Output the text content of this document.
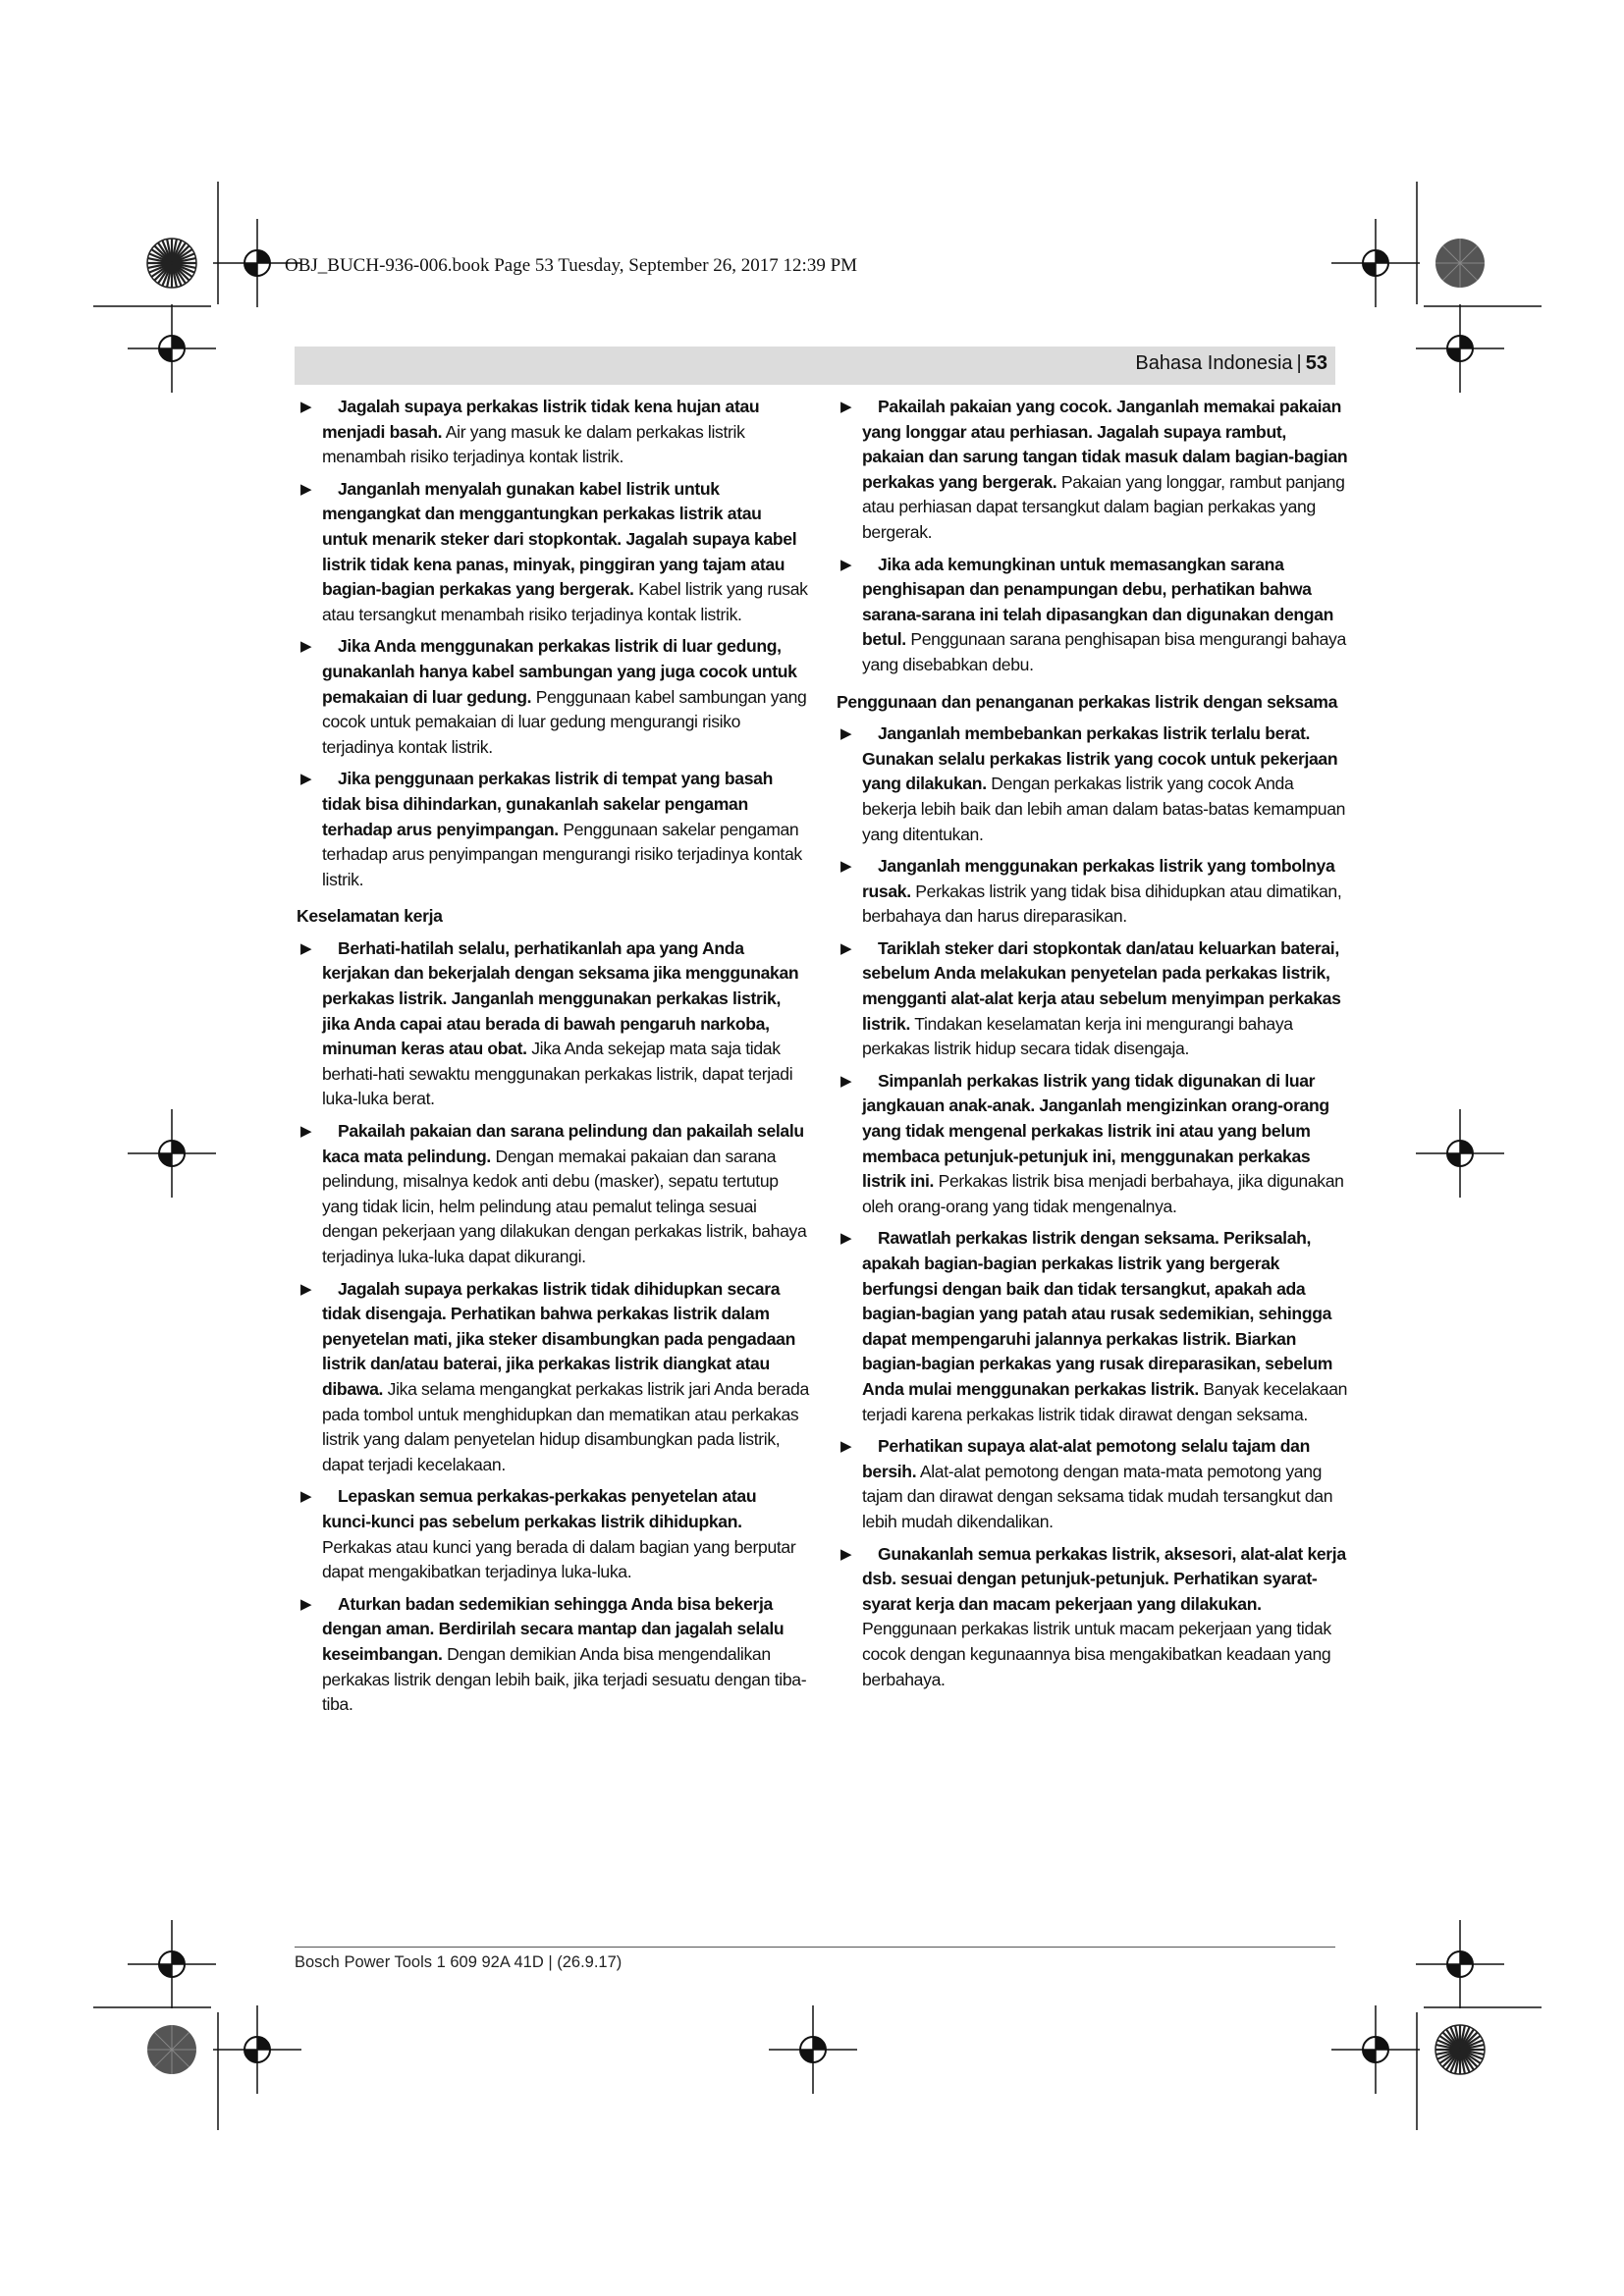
OBJ_BUCH-936-006.book Page 53 Tuesday, September 26, 2017 12:39 PM
Bahasa Indonesia | 53
▶ Jagalah supaya perkakas listrik tidak kena hujan atau menjadi basah. Air yang masuk ke dalam perkakas listrik menambah risiko terjadinya kontak listrik.
▶ Janganlah menyalah gunakan kabel listrik untuk mengangkat dan menggantungkan perkakas listrik atau untuk menarik steker dari stopkontak. Jagalah supaya kabel listrik tidak kena panas, minyak, pinggiran yang tajam atau bagian-bagian perkakas yang bergerak. Kabel listrik yang rusak atau tersangkut menambah risiko terjadinya kontak listrik.
▶ Jika Anda menggunakan perkakas listrik di luar gedung, gunakanlah hanya kabel sambungan yang juga cocok untuk pemakaian di luar gedung. Penggunaan kabel sambungan yang cocok untuk pemakaian di luar gedung mengurangi risiko terjadinya kontak listrik.
▶ Jika penggunaan perkakas listrik di tempat yang basah tidak bisa dihindarkan, gunakanlah sakelar pengaman terhadap arus penyimpangan. Penggunaan sakelar pengaman terhadap arus penyimpangan mengurangi risiko terjadinya kontak listrik.
Keselamatan kerja
▶ Berhati-hatilah selalu, perhatikanlah apa yang Anda kerjakan dan bekerjalah dengan seksama jika menggunakan perkakas listrik. Janganlah menggunakan perkakas listrik, jika Anda capai atau berada di bawah pengaruh narkoba, minuman keras atau obat. Jika Anda sekejap mata saja tidak berhati-hati sewaktu menggunakan perkakas listrik, dapat terjadi luka-luka berat.
▶ Pakailah pakaian dan sarana pelindung dan pakailah selalu kaca mata pelindung. Dengan memakai pakaian dan sarana pelindung, misalnya kedok anti debu (masker), sepatu tertutup yang tidak licin, helm pelindung atau pemalut telinga sesuai dengan pekerjaan yang dilakukan dengan perkakas listrik, bahaya terjadinya luka-luka dapat dikurangi.
▶ Jagalah supaya perkakas listrik tidak dihidupkan secara tidak disengaja. Perhatikan bahwa perkakas listrik dalam penyetelan mati, jika steker disambungkan pada pengadaan listrik dan/atau baterai, jika perkakas listrik diangkat atau dibawa. Jika selama mengangkat perkakas listrik jari Anda berada pada tombol untuk menghidupkan dan mematikan atau perkakas listrik yang dalam penyetelan hidup disambungkan pada listrik, dapat terjadi kecelakaan.
▶ Lepaskan semua perkakas-perkakas penyetelan atau kunci-kunci pas sebelum perkakas listrik dihidupkan. Perkakas atau kunci yang berada di dalam bagian yang berputar dapat mengakibatkan terjadinya luka-luka.
▶ Aturkan badan sedemikian sehingga Anda bisa bekerja dengan aman. Berdirilah secara mantap dan jagalah selalu keseimbangan. Dengan demikian Anda bisa mengendalikan perkakas listrik dengan lebih baik, jika terjadi sesuatu dengan tiba-tiba.
▶ Pakailah pakaian yang cocok. Janganlah memakai pakaian yang longgar atau perhiasan. Jagalah supaya rambut, pakaian dan sarung tangan tidak masuk dalam bagian-bagian perkakas yang bergerak. Pakaian yang longgar, rambut panjang atau perhiasan dapat tersangkut dalam bagian perkakas yang bergerak.
▶ Jika ada kemungkinan untuk memasangkan sarana penghisapan dan penampungan debu, perhatikan bahwa sarana-sarana ini telah dipasangkan dan digunakan dengan betul. Penggunaan sarana penghisapan bisa mengurangi bahaya yang disebabkan debu.
Penggunaan dan penanganan perkakas listrik dengan seksama
▶ Janganlah membebankan perkakas listrik terlalu berat. Gunakan selalu perkakas listrik yang cocok untuk pekerjaan yang dilakukan. Dengan perkakas listrik yang cocok Anda bekerja lebih baik dan lebih aman dalam batas-batas kemampuan yang ditentukan.
▶ Janganlah menggunakan perkakas listrik yang tombolnya rusak. Perkakas listrik yang tidak bisa dihidupkan atau dimatikan, berbahaya dan harus direparasikan.
▶ Tariklah steker dari stopkontak dan/atau keluarkan baterai, sebelum Anda melakukan penyetelan pada perkakas listrik, mengganti alat-alat kerja atau sebelum menyimpan perkakas listrik. Tindakan keselamatan kerja ini mengurangi bahaya perkakas listrik hidup secara tidak disengaja.
▶ Simpanlah perkakas listrik yang tidak digunakan di luar jangkauan anak-anak. Janganlah mengizinkan orang-orang yang tidak mengenal perkakas listrik ini atau yang belum membaca petunjuk-petunjuk ini, menggunakan perkakas listrik ini. Perkakas listrik bisa menjadi berbahaya, jika digunakan oleh orang-orang yang tidak mengenalnya.
▶ Rawatlah perkakas listrik dengan seksama. Periksalah, apakah bagian-bagian perkakas listrik yang bergerak berfungsi dengan baik dan tidak tersangkut, apakah ada bagian-bagian yang patah atau rusak sedemikian, sehingga dapat mempengaruhi jalannya perkakas listrik. Biarkan bagian-bagian perkakas yang rusak direparasikan, sebelum Anda mulai menggunakan perkakas listrik. Banyak kecelakaan terjadi karena perkakas listrik tidak dirawat dengan seksama.
▶ Perhatikan supaya alat-alat pemotong selalu tajam dan bersih. Alat-alat pemotong dengan mata-mata pemotong yang tajam dan dirawat dengan seksama tidak mudah tersangkut dan lebih mudah dikendalikan.
▶ Gunakanlah semua perkakas listrik, aksesori, alat-alat kerja dsb. sesuai dengan petunjuk-petunjuk. Perhatikan syarat-syarat kerja dan macam pekerjaan yang dilakukan. Penggunaan perkakas listrik untuk macam pekerjaan yang tidak cocok dengan kegunaannya bisa mengakibatkan keadaan yang berbahaya.
Bosch Power Tools 1 609 92A 41D | (26.9.17)
